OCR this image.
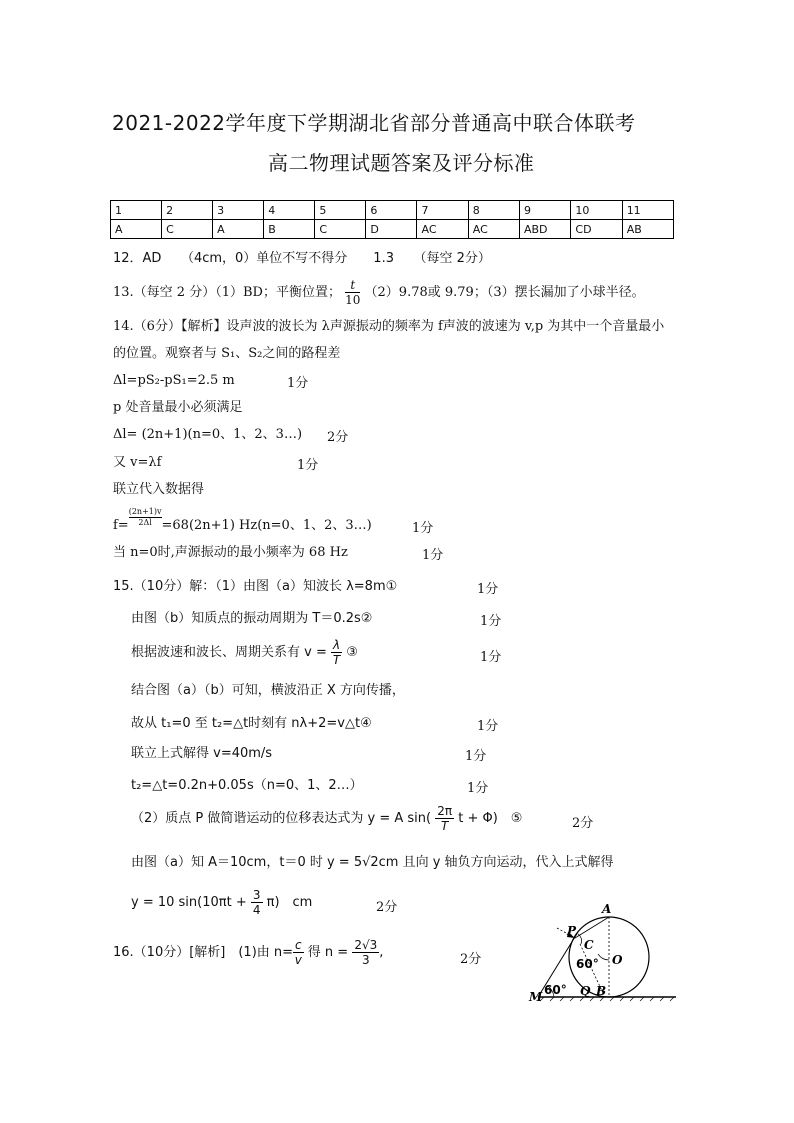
2021-2022学年度下学期湖北省部分普通高中联合体联考
高二物理试题答案及评分标准
1	2	3	4	5	6	7	8	9	10	11
A	C	A	B	C	D	AC	AC	ABD	CD	AB
12．AD　　（4cm，0）单位不写不得分　　1.3　　（每空 2分）
13.（每空 2 分）（1）BD；平衡位置； $\frac{t}{10} (2)9.78$或 9.79；（3）摆长漏加了小球半径。
14.（6分）【解析】设声波的波长为 λ声源振动的频率为 f声波的波速为 v,p 为其中一个音量最小
的位置。观察者与 S₁、S₂之间的路程差
Δl=pS₂-pS₁=2.5 m	1分
p 处音量最小必须满足
Δl= (2n+1)(n=0、1、2、3…) 2分
又 v=λf	1分
联立代入数据得
$f= \frac{(2n+1)v}{2\Delta l} =68(2n+1)$ Hz(n=0、1、2、3…)	1分
当 n=0时,声源振动的最小频率为 68 Hz	1分
15.（10分）解：（1）由图（a）知波长 λ=8m①	1分
由图（b）知质点的振动周期为 T＝0.2s②	1分
根据波速和波长、周期关系有 $v = \frac{\lambda}{T}$ ③	1分
结合图（a）（b）可知，横波沿正 X 方向传播，
故从 t₁=0 至 t₂=△t时刻有 nλ+2=v△t④	1分
联立上式解得 v=40m/s	1分
t₂=△t=0.2n+0.05s（n=0、1、2…）	1分
（2）质点 P 做简谐运动的位移表达式为 y = A $\sin( \frac{2\pi}{T}$ t + Φ)　⑤	2分
由图（a）知 A＝10cm，t＝0 时 y = 5√2cm 且向 y 轴负方向运动，代入上式解得
y = 10 $\sin(10\pi t + \frac{3}{4} \pi)$　cm	2分
16.（10分）[解析]　(1)由 $n= \frac{c}{v}$ 得 $n = \frac{2√3}{3}$ ,	2分
A
P
C
60° O
Q B
M 60°
